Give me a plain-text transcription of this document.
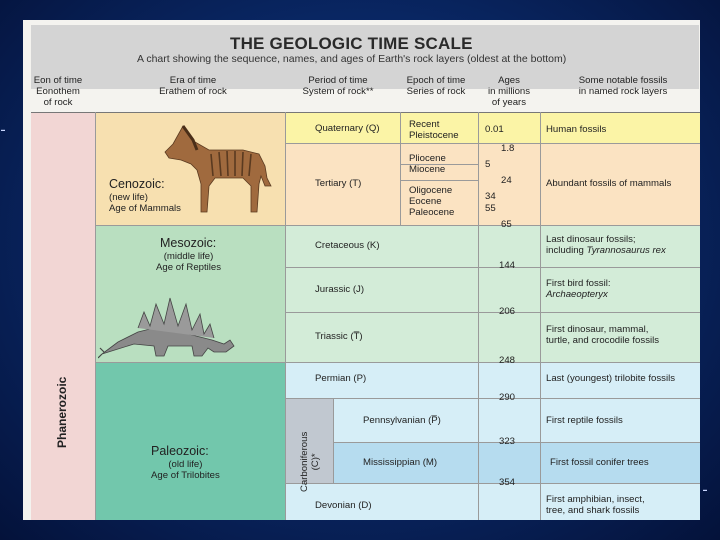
▬
▬
THE GEOLOGIC TIME SCALE
A chart showing the sequence, names, and ages of Earth's rock layers (oldest at the bottom)
Eon of time
Eonothem
of rock
Era of time
Erathem of rock
Period of time
System of rock**
Epoch of time
Series of rock
Ages
in millions
of years
Some notable fossils
in named rock layers
Phanerozoic
Cenozoic:
(new life)
Age of Mammals
Mesozoic:
(middle life)
Age of Reptiles
Paleozoic:
(old life)
Age of Trilobites
Quaternary (Q)
Tertiary (T)
Cretaceous (K)
Jurassic (J)
Triassic (T̅)
Permian (P)
Carboniferous
(C)*
Pennsylvanian (P̅)
Mississippian (M)
Devonian (D)
Recent
Pleistocene
Pliocene
Miocene
Oligocene
Eocene
Paleocene
0.01
1.8
5
24
34
55
65
144
206
248
290
323
354
Human fossils
Abundant fossils of mammals
Last dinosaur fossils;
including Tyrannosaurus rex
First bird fossil:
Archaeopteryx
First dinosaur, mammal,
turtle, and crocodile fossils
Last (youngest) trilobite fossils
First reptile fossils
First fossil conifer trees
First amphibian, insect,
tree, and shark fossils
